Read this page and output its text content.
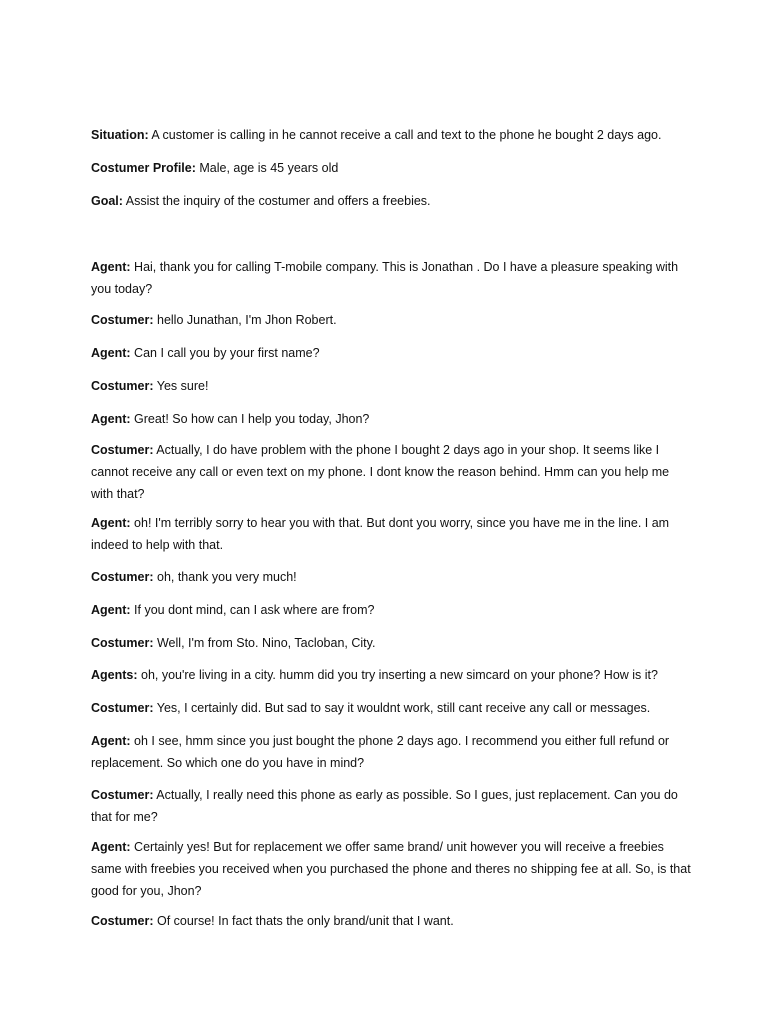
Situation: A customer is calling in he cannot receive a call and text to the phone he bought 2 days ago.

Costumer Profile: Male, age is 45 years old

Goal: Assist the inquiry of the costumer and offers a freebies.

Agent: Hai, thank you for calling T-mobile company. This is Jonathan . Do I have a pleasure speaking with you today?

Costumer: hello Junathan, I'm Jhon Robert.

Agent: Can I call you by your first name?

Costumer: Yes sure!

Agent: Great! So how can I help you today, Jhon?

Costumer: Actually, I do have problem with the phone I bought 2 days ago in your shop. It seems like I cannot receive any call or even text on my phone. I dont know the reason behind. Hmm can you help me with that?

Agent: oh! I'm terribly sorry to hear you with that. But dont you worry, since you have me in the line. I am indeed to help with that.

Costumer: oh, thank you very much!

Agent: If you dont mind, can I ask where are from?

Costumer: Well, I'm from Sto. Nino, Tacloban, City.

Agents: oh, you're living in a city. humm did you try inserting a new simcard on your phone? How is it?

Costumer: Yes, I certainly did. But sad to say it wouldnt work, still cant receive any call or messages.

Agent: oh I see, hmm since you just bought the phone 2 days ago. I recommend you either full refund or replacement. So which one do you have in mind?

Costumer: Actually, I really need this phone as early as possible. So I gues, just replacement. Can you do that for me?

Agent: Certainly yes! But for replacement we offer same brand/ unit however you will receive a freebies same with freebies you received when you purchased the phone and theres no shipping fee at all. So, is that good for you, Jhon?

Costumer: Of course! In fact thats the only brand/unit that I want.
